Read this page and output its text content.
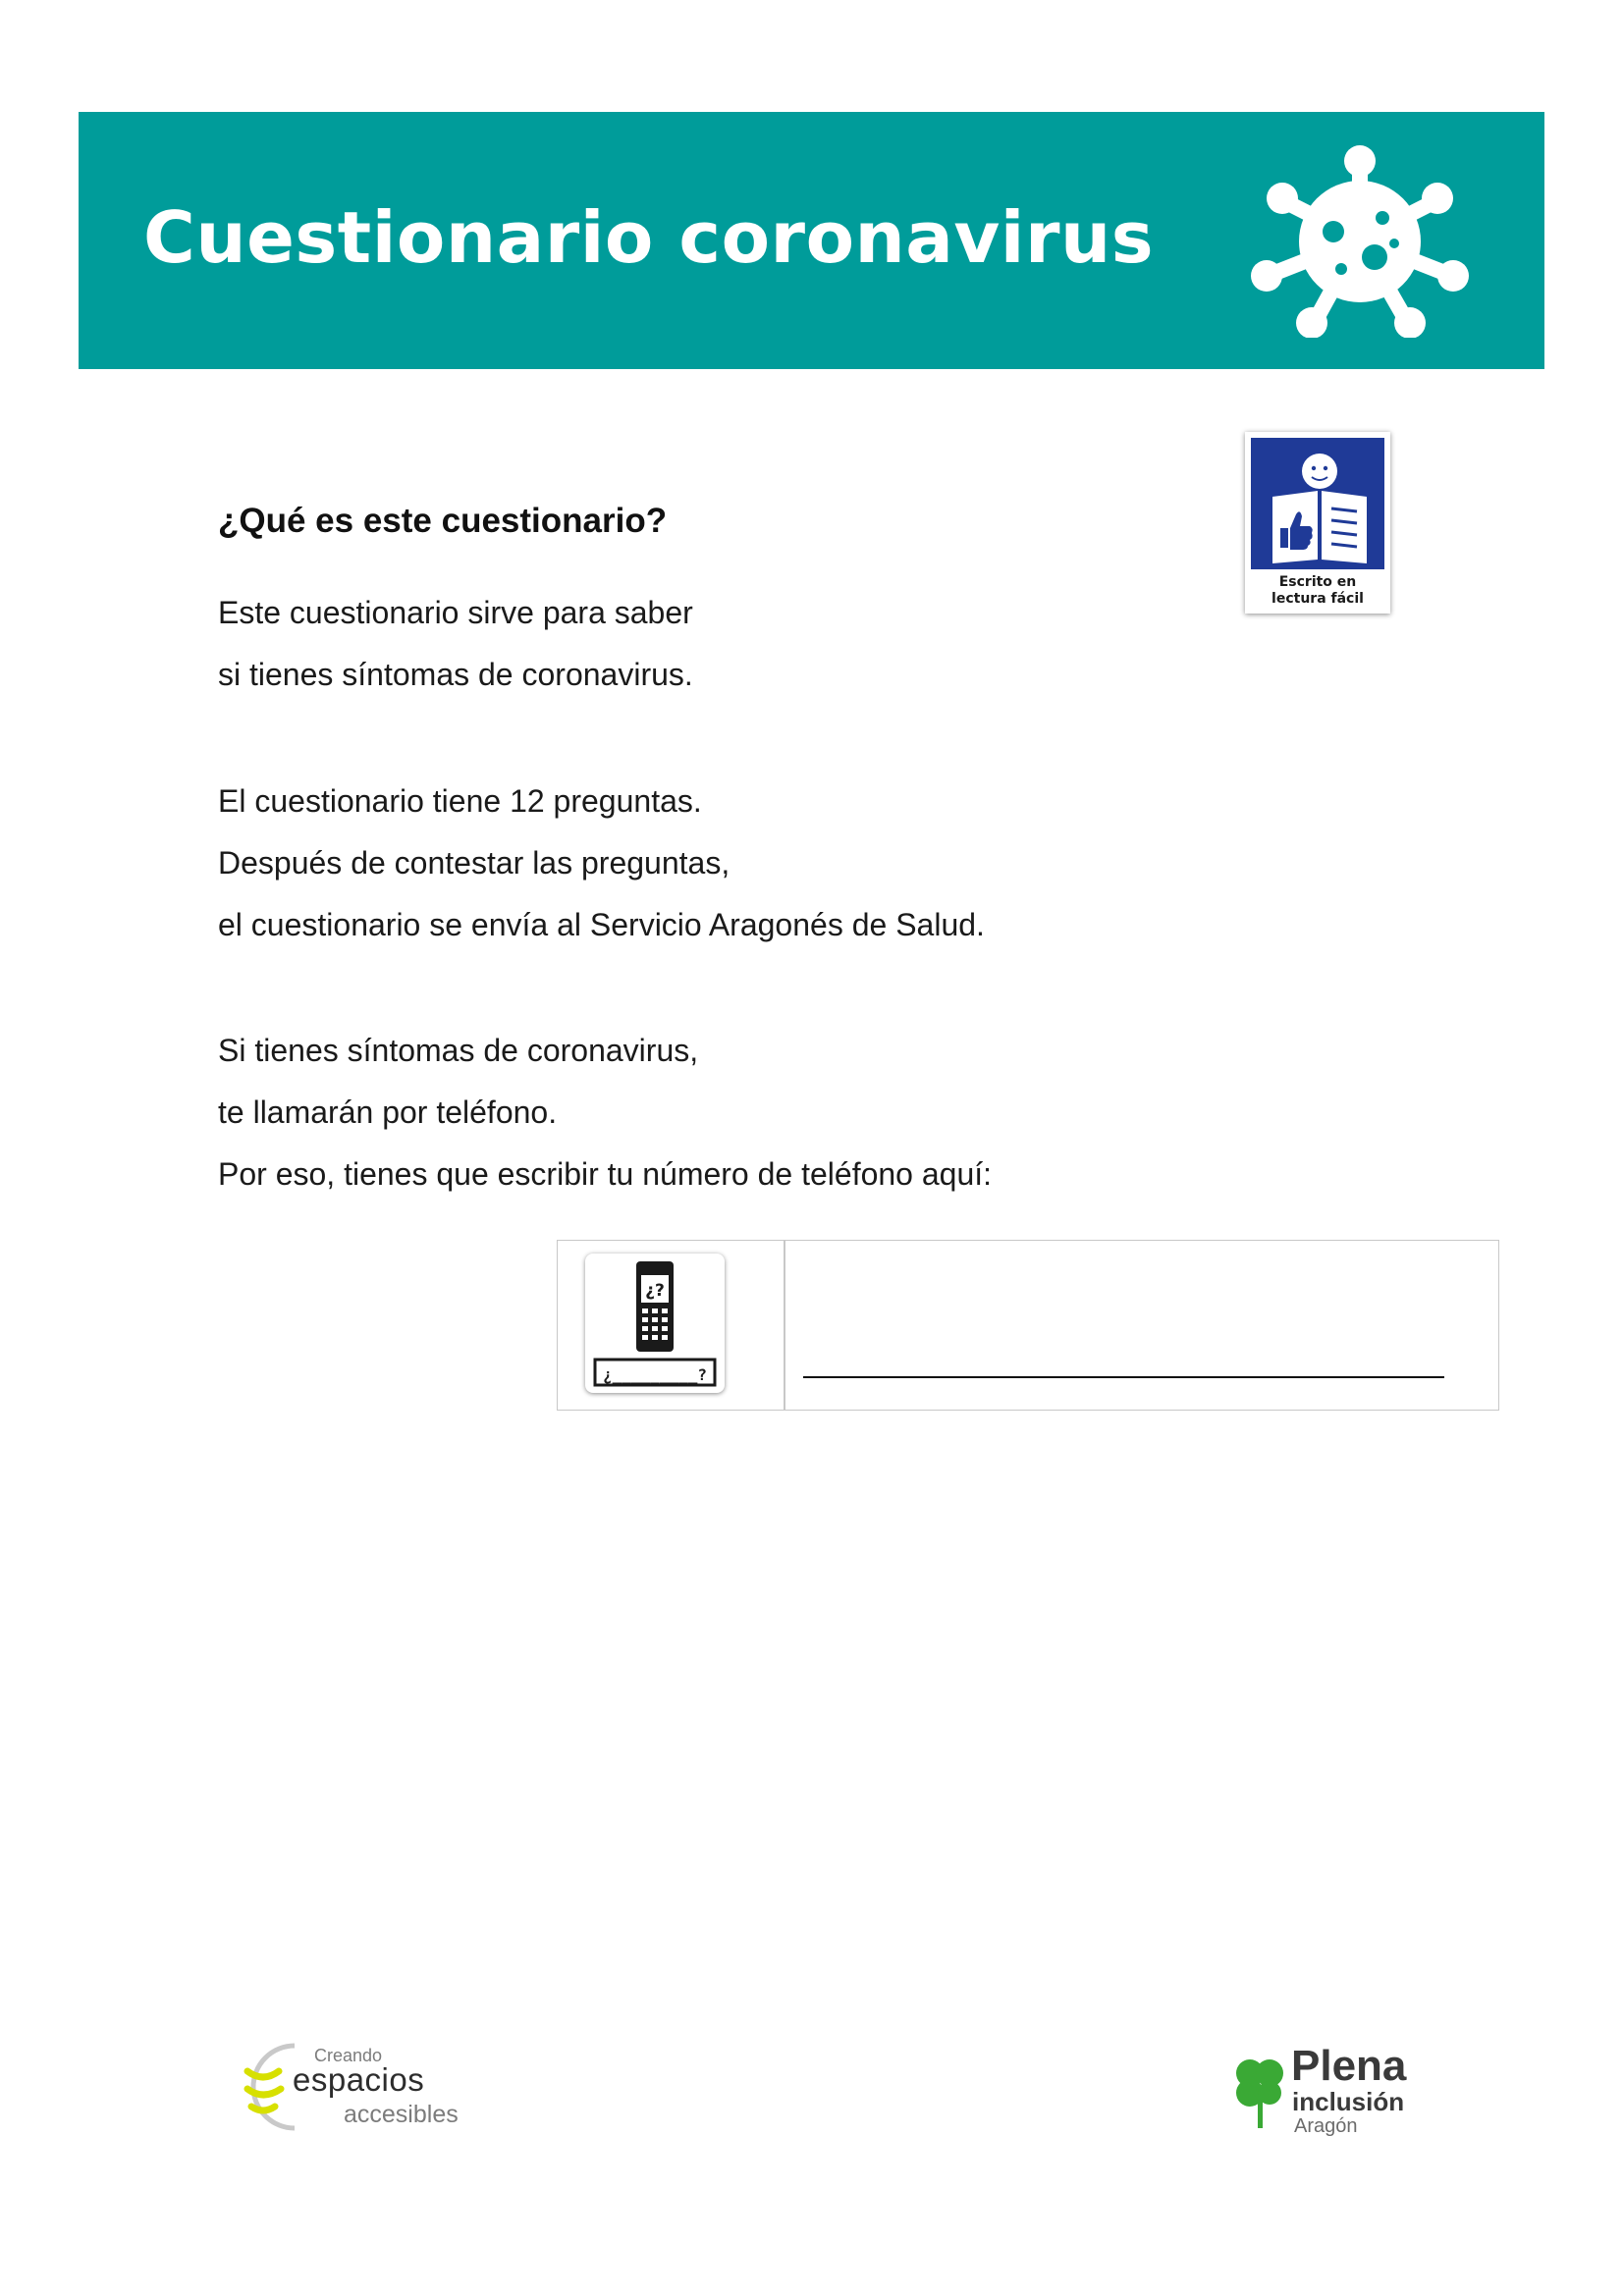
Cuestionario coronavirus
Escrito en
lectura fácil
¿Qué es este cuestionario?
Este cuestionario sirve para saber
si tienes síntomas de coronavirus.
El cuestionario tiene 12 preguntas.
Después de contestar las preguntas,
el cuestionario se envía al Servicio Aragonés de Salud.
Si tienes síntomas de coronavirus,
te llamarán por teléfono.
Por eso, tienes que escribir tu número de teléfono aquí:
¿?
¿_________?
Creando
espacios
accesibles
Plena
inclusión
Aragón
